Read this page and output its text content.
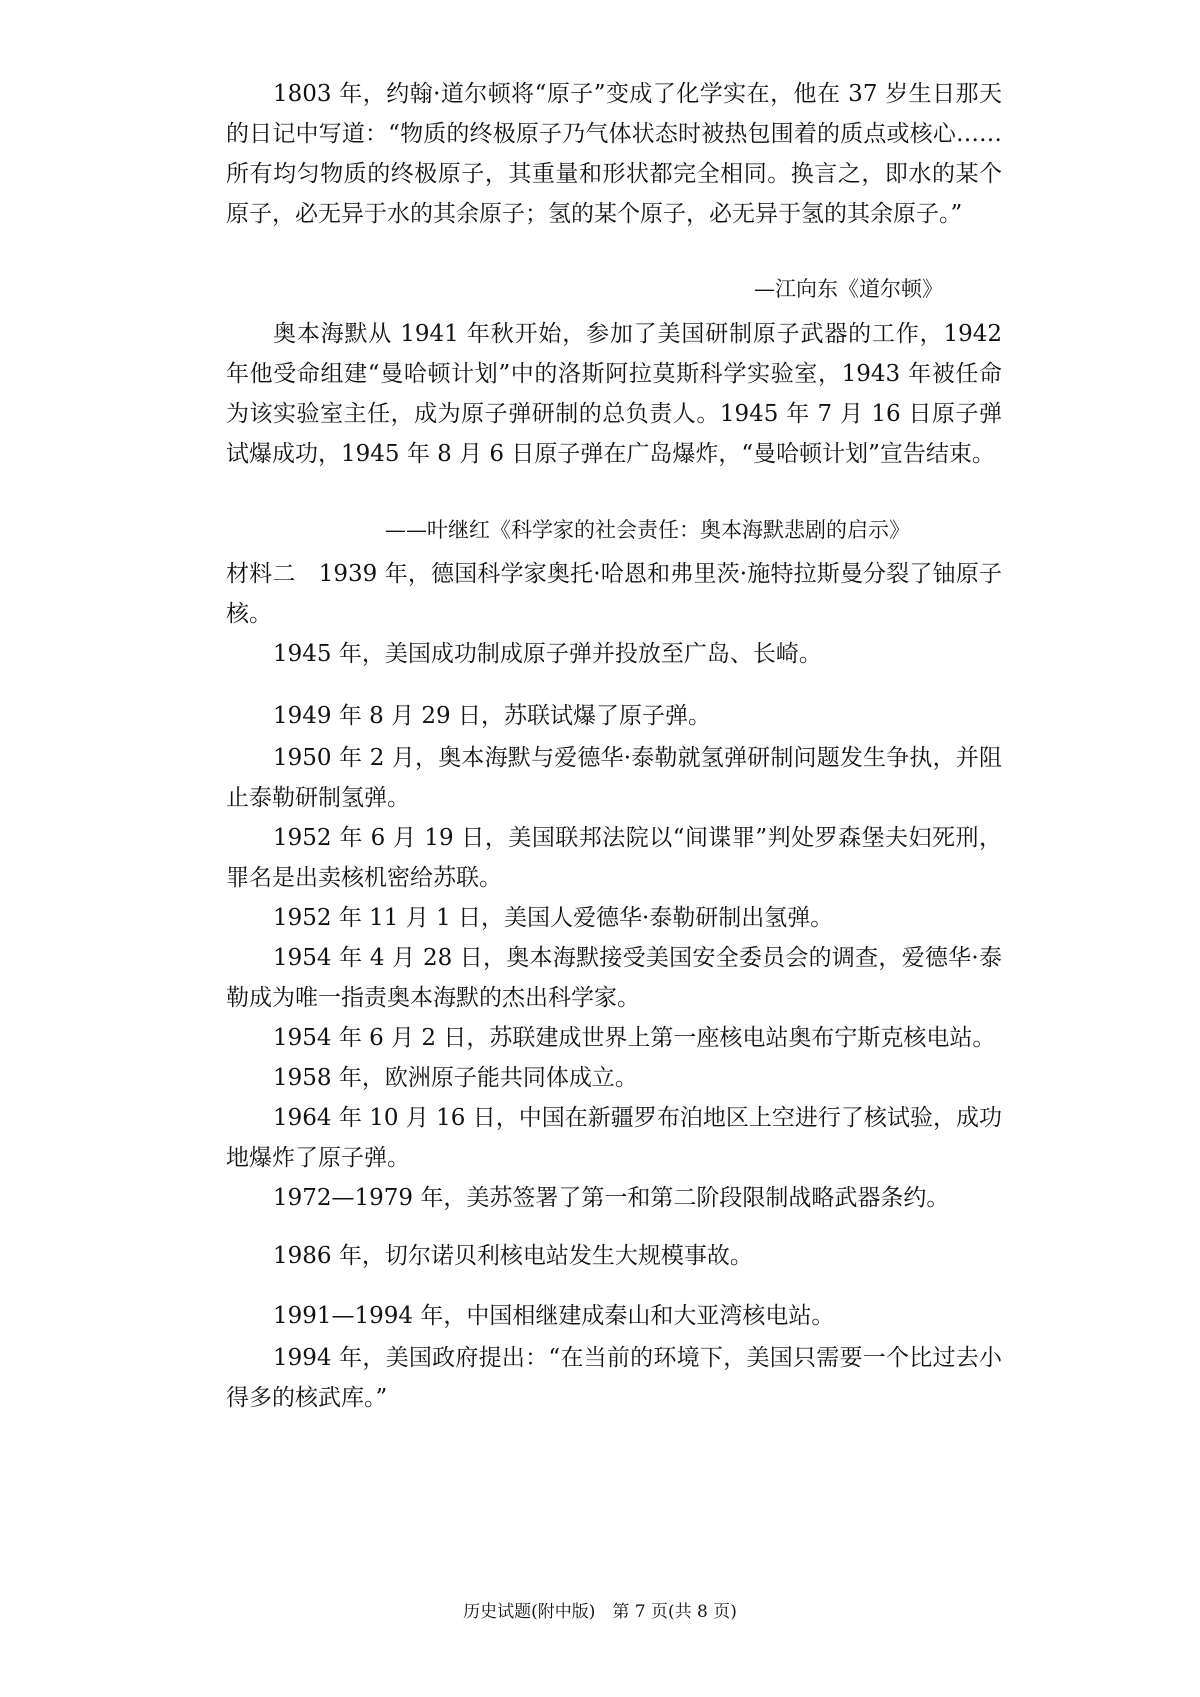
1803 年，约翰·道尔顿将“原子”变成了化学实在，他在 37 岁生日那天的日记中写道：“物质的终极原子乃气体状态时被热包围着的质点或核心……所有均匀物质的终极原子，其重量和形状都完全相同。换言之，即水的某个原子，必无异于水的其余原子；氢的某个原子，必无异于氢的其余原子。”

—江向东《道尔顿》

奥本海默从 1941 年秋开始，参加了美国研制原子武器的工作，1942 年他受命组建“曼哈顿计划”中的洛斯阿拉莫斯科学实验室，1943 年被任命为该实验室主任，成为原子弹研制的总负责人。1945 年 7 月 16 日原子弹试爆成功，1945 年 8 月 6 日原子弹在广岛爆炸，“曼哈顿计划”宣告结束。

——叶继红《科学家的社会责任：奥本海默悲剧的启示》

材料二　1939 年，德国科学家奥托·哈恩和弗里茨·施特拉斯曼分裂了铀原子核。

1945 年，美国成功制成原子弹并投放至广岛、长崎。

1949 年 8 月 29 日，苏联试爆了原子弹。

1950 年 2 月，奥本海默与爱德华·泰勒就氢弹研制问题发生争执，并阻止泰勒研制氢弹。

1952 年 6 月 19 日，美国联邦法院以“间谍罪”判处罗森堡夫妇死刑，罪名是出卖核机密给苏联。

1952 年 11 月 1 日，美国人爱德华·泰勒研制出氢弹。

1954 年 4 月 28 日，奥本海默接受美国安全委员会的调查，爱德华·泰勒成为唯一指责奥本海默的杰出科学家。

1954 年 6 月 2 日，苏联建成世界上第一座核电站奥布宁斯克核电站。

1958 年，欧洲原子能共同体成立。

1964 年 10 月 16 日，中国在新疆罗布泊地区上空进行了核试验，成功地爆炸了原子弹。

1972—1979 年，美苏签署了第一和第二阶段限制战略武器条约。

1986 年，切尔诺贝利核电站发生大规模事故。

1991—1994 年，中国相继建成秦山和大亚湾核电站。

1994 年，美国政府提出：“在当前的环境下，美国只需要一个比过去小得多的核武库。”

历史试题(附中版)　第 7 页(共 8 页)
